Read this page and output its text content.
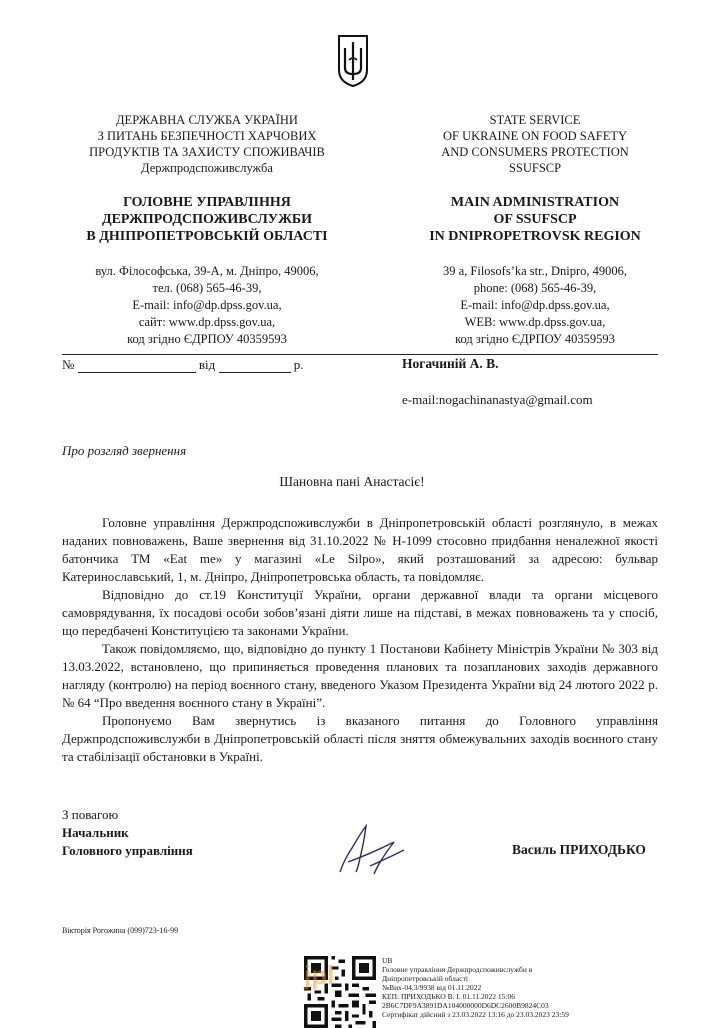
ДЕРЖАВНА СЛУЖБА УКРАЇНИ
З ПИТАНЬ БЕЗПЕЧНОСТІ ХАРЧОВИХ
ПРОДУКТІВ ТА ЗАХИСТУ СПОЖИВАЧІВ
Держпродспоживслужба
ГОЛОВНЕ УПРАВЛІННЯ
ДЕРЖПРОДСПОЖИВСЛУЖБИ
В ДНІПРОПЕТРОВСЬКІЙ ОБЛАСТІ
вул. Філософська, 39-А, м. Дніпро, 49006,
тел. (068) 565-46-39,
E-mail: info@dp.dpss.gov.ua,
сайт: www.dp.dpss.gov.ua,
код згідно ЄДРПОУ 40359593
STATE SERVICE
OF UKRAINE ON FOOD SAFETY
AND CONSUMERS PROTECTION
SSUFSCP
MAIN ADMINISTRATION
OF SSUFSCP
IN DNIPROPETROVSK REGION
39 a, Filosofs’ka str., Dnipro, 49006,
phone: (068) 565-46-39,
E-mail: info@dp.dpss.gov.ua,
WEB: www.dp.dpss.gov.ua,
код згідно ЄДРПОУ 40359593
№	від	р.	Ногачиній А. В.
e-mail:nogachinanastya@gmail.com
Про розгляд звернення
Шановна пані Анастасіє!

Головне управління Держпродспоживслужби в Дніпропетровській області розглянуло, в межах наданих повноважень, Ваше звернення від 31.10.2022 № Н-1099 стосовно придбання неналежної якості батончика ТМ «Eat me» у магазині «Le Silpo», який розташований за адресою: бульвар Катеринославський, 1, м. Дніпро, Дніпропетровська область, та повідомляє.

Відповідно до ст.19 Конституції України, органи державної влади та органи місцевого самоврядування, їх посадові особи зобов’язані діяти лише на підставі, в межах повноважень та у спосіб, що передбачені Конституцією та законами України.

Також повідомляємо, що, відповідно до пункту 1 Постанови Кабінету Міністрів України № 303 від 13.03.2022, встановлено, що припиняється проведення планових та позапланових заходів державного нагляду (контролю) на період воєнного стану, введеного Указом Президента України від 24 лютого 2022 р. № 64 “Про введення воєнного стану в Україні”.

Пропонуємо Вам звернутись із вказаного питання до Головного управління Держпродспоживслужби в Дніпропетровській області після зняття обмежувальних заходів воєнного стану та стабілізації обстановки в Україні.

З повагою
Начальник
Головного управління	Василь ПРИХОДЬКО
Вікторія Рогожина (099)723-16-99
UB
Головне управління Держпродспоживслужби в
Дніпропетровській області
№Вих-04.3/9938 від 01.11.2022
КЕП: ПРИХОДЬКО В. І. 01.11.2022 15:06
2B6C7DF9A3891DA104000000D6DC2600B9824C03
Сертифікат дійсний з 23.03.2022 13:16 до 23.03.2023 23:59
jpl
